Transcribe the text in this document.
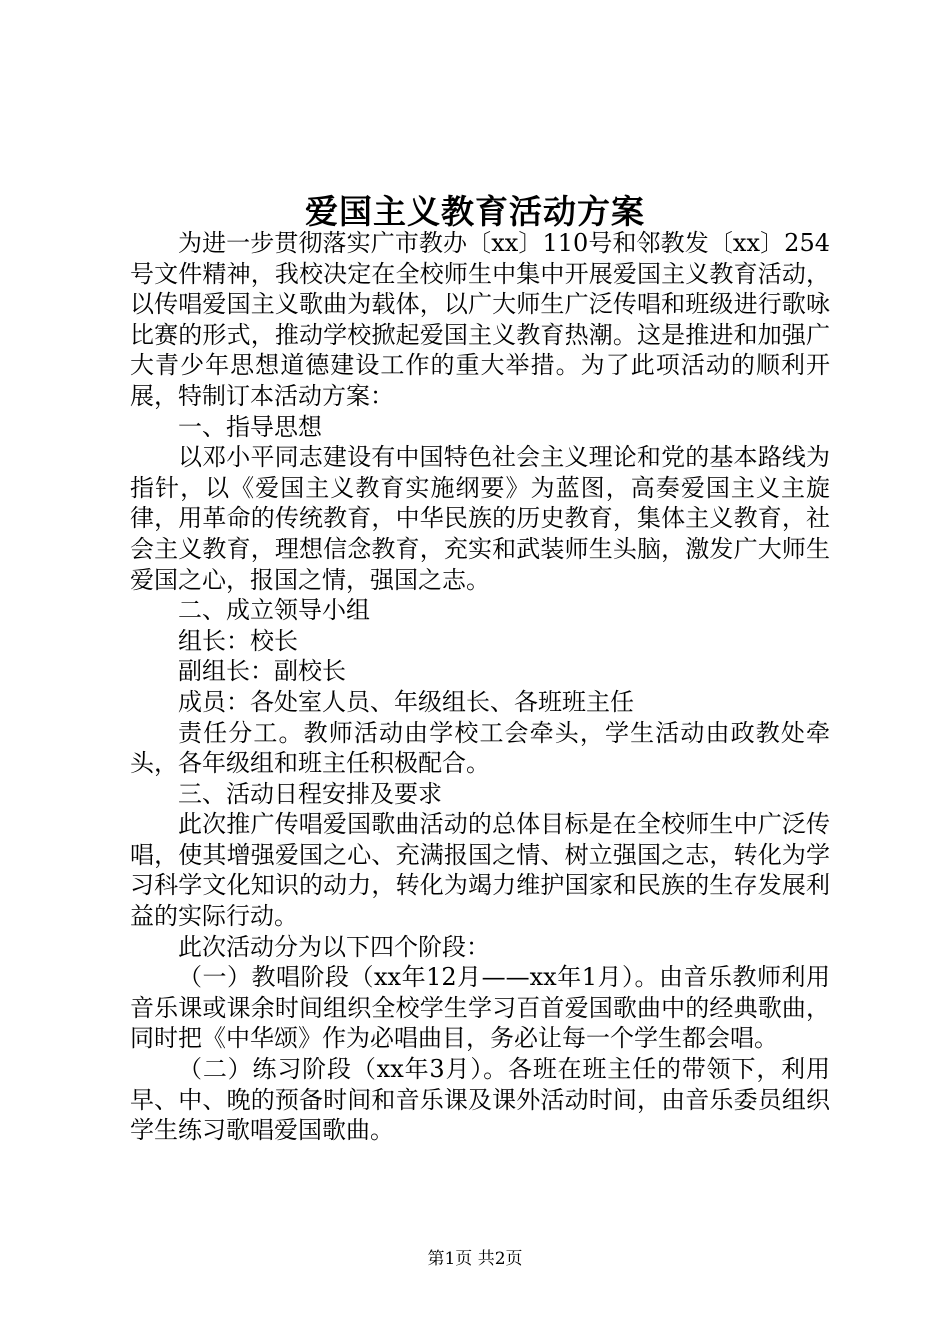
爱国主义教育活动方案

为进一步贯彻落实广市教办〔xx〕110号和邻教发〔xx〕254号文件精神，我校决定在全校师生中集中开展爱国主义教育活动，以传唱爱国主义歌曲为载体，以广大师生广泛传唱和班级进行歌咏比赛的形式，推动学校掀起爱国主义教育热潮。这是推进和加强广大青少年思想道德建设工作的重大举措。为了此项活动的顺利开展，特制订本活动方案：

一、指导思想

以邓小平同志建设有中国特色社会主义理论和党的基本路线为指针，以《爱国主义教育实施纲要》为蓝图，高奏爱国主义主旋律，用革命的传统教育，中华民族的历史教育，集体主义教育，社会主义教育，理想信念教育，充实和武装师生头脑，激发广大师生爱国之心，报国之情，强国之志。

二、成立领导小组

组长：校长

副组长：副校长

成员：各处室人员、年级组长、各班班主任

责任分工。教师活动由学校工会牵头，学生活动由政教处牵头，各年级组和班主任积极配合。

三、活动日程安排及要求

此次推广传唱爱国歌曲活动的总体目标是在全校师生中广泛传唱，使其增强爱国之心、充满报国之情、树立强国之志，转化为学习科学文化知识的动力，转化为竭力维护国家和民族的生存发展利益的实际行动。

此次活动分为以下四个阶段：

（一）教唱阶段（xx年12月——xx年1月）。由音乐教师利用音乐课或课余时间组织全校学生学习百首爱国歌曲中的经典歌曲，同时把《中华颂》作为必唱曲目，务必让每一个学生都会唱。

（二）练习阶段（xx年3月）。各班在班主任的带领下，利用早、中、晚的预备时间和音乐课及课外活动时间，由音乐委员组织学生练习歌唱爱国歌曲。

第1页 共2页
